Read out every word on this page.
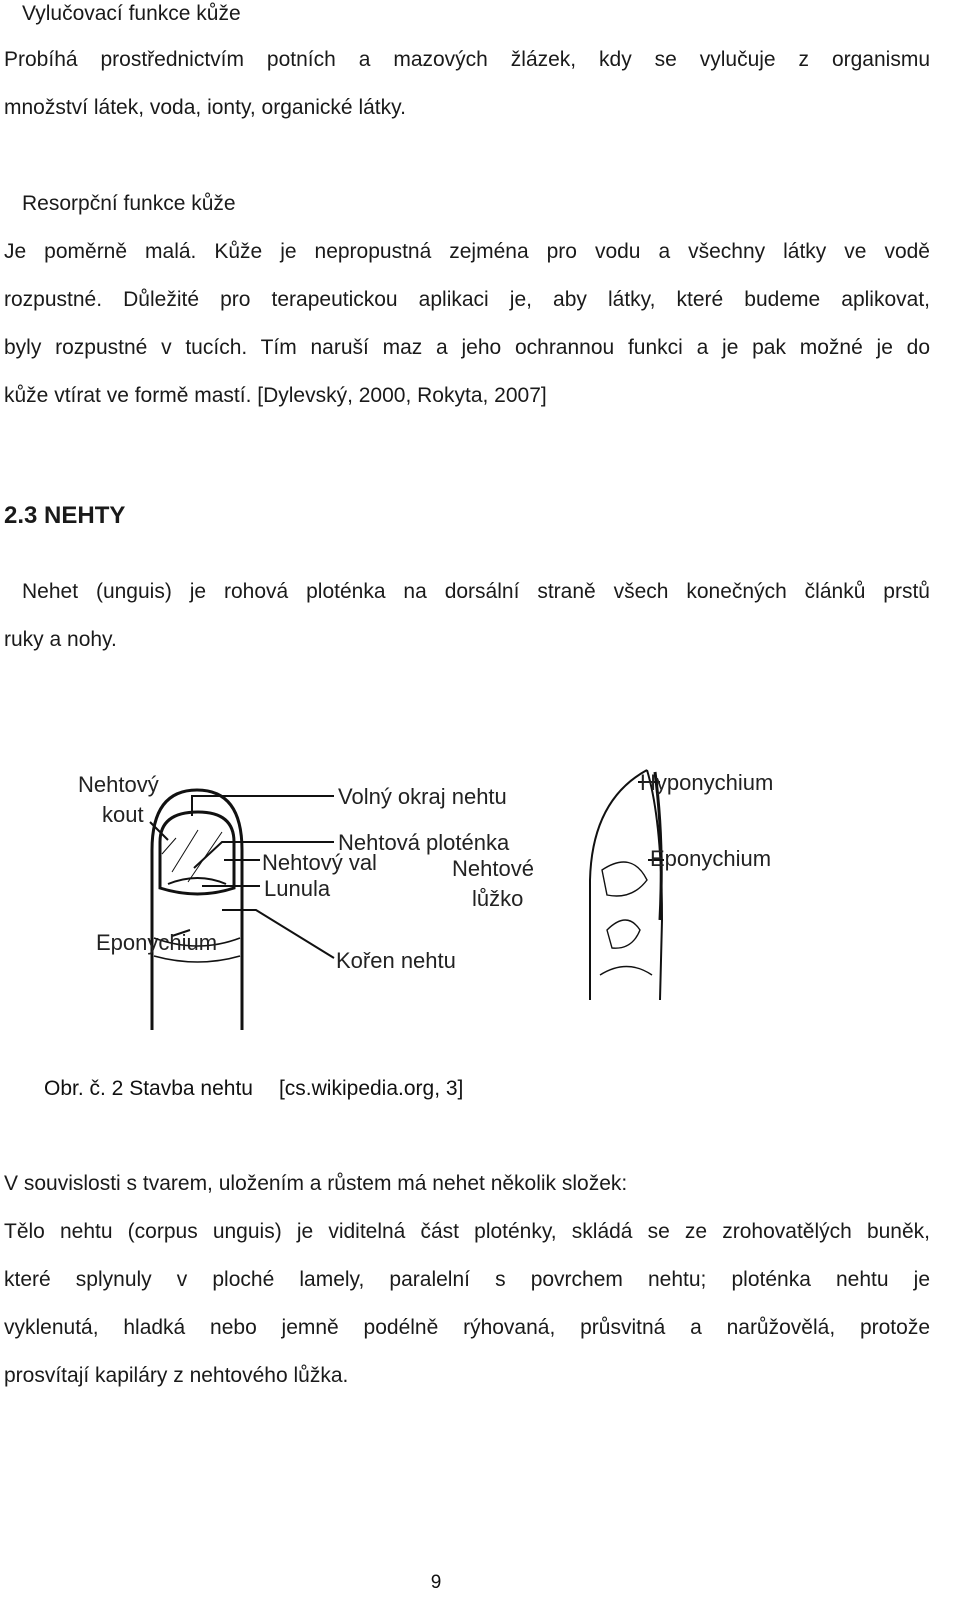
Vylučovací funkce kůže

Probíhá prostřednictvím potních a mazových žlázek, kdy se vylučuje z organismu

množství látek, voda, ionty, organické látky.

Resorpční funkce kůže

Je poměrně malá. Kůže je nepropustná zejména pro vodu a všechny látky ve vodě

rozpustné. Důležité pro terapeutickou aplikaci je, aby látky, které budeme aplikovat,

byly rozpustné v tucích. Tím naruší maz a jeho ochrannou funkci a je pak možné je do

kůže vtírat ve formě mastí. [Dylevský, 2000, Rokyta, 2007]

2.3 NEHTY

Nehet (unguis) je rohová ploténka na dorsální straně všech konečných článků prstů

ruky a nohy.

Nehtový
kout
Volný okraj nehtu
Nehtová ploténka
Nehtový val
Lunula
Eponychium
Kořen nehtu
Hyponychium
Nehtové
lůžko
Eponychium
Obr. č. 2 Stavba nehtu [cs.wikipedia.org, 3]

V souvislosti s tvarem, uložením a růstem má nehet několik složek:

Tělo nehtu (corpus unguis) je viditelná část ploténky, skládá se ze zrohovatělých buněk,

které splynuly v ploché lamely, paralelní s povrchem nehtu; ploténka nehtu je

vyklenutá, hladká nebo jemně podélně rýhovaná, průsvitná a narůžovělá, protože

prosvítají kapiláry z nehtového lůžka.

9
